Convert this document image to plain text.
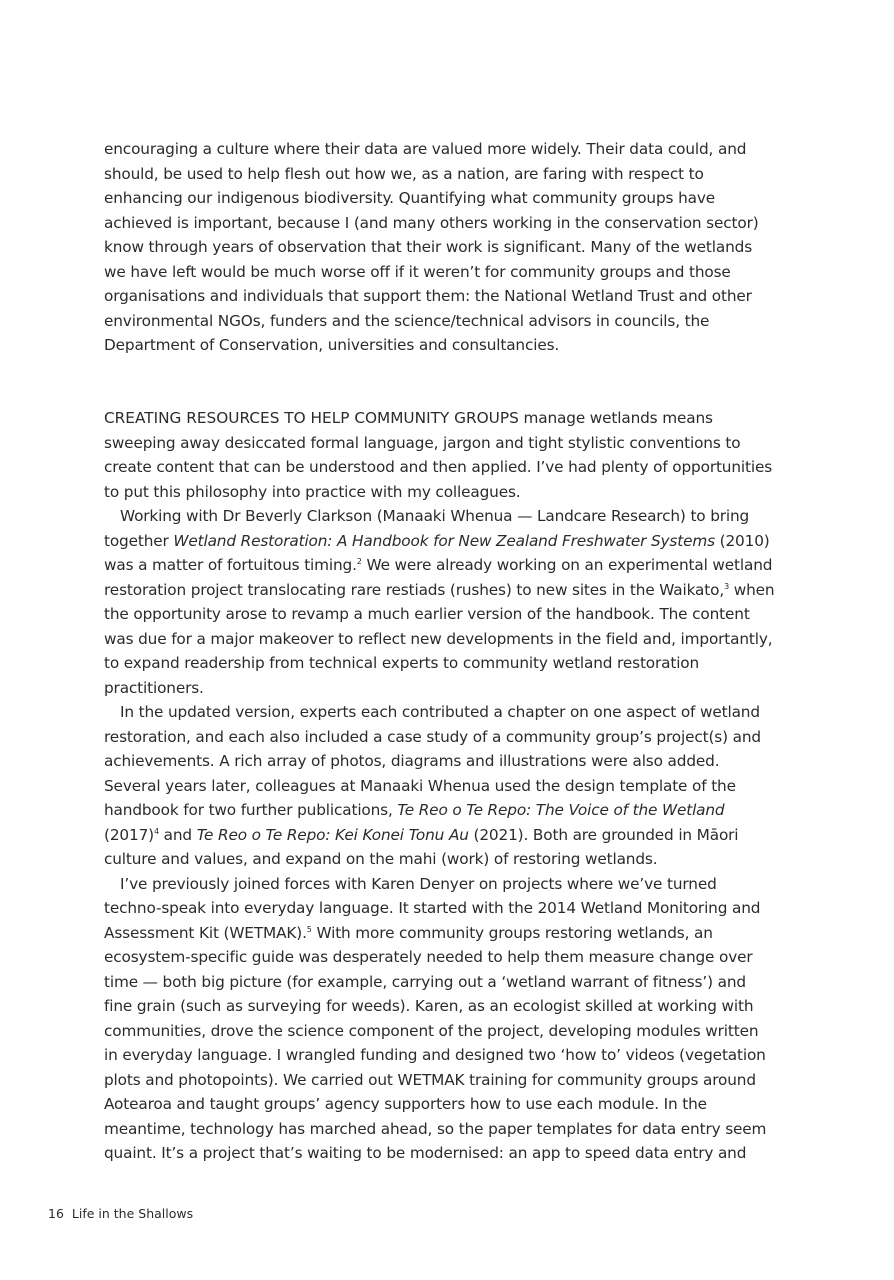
encouraging a culture where their data are valued more widely. Their data could, and should, be used to help flesh out how we, as a nation, are faring with respect to enhancing our indigenous biodiversity. Quantifying what community groups have achieved is important, because I (and many others working in the conservation sector) know through years of observation that their work is significant. Many of the wetlands we have left would be much worse off if it weren’t for community groups and those organisations and individuals that support them: the National Wetland Trust and other environmental NGOs, funders and the science/technical advisors in councils, the Department of Conservation, universities and consultancies.

CREATING RESOURCES TO HELP COMMUNITY GROUPS manage wetlands means sweeping away desiccated formal language, jargon and tight stylistic conventions to create content that can be understood and then applied. I’ve had plenty of opportunities to put this philosophy into practice with my colleagues.

Working with Dr Beverly Clarkson (Manaaki Whenua — Landcare Research) to bring together Wetland Restoration: A Handbook for New Zealand Freshwater Systems (2010) was a matter of fortuitous timing.$^2$ We were already working on an experimental wetland restoration project translocating rare restiads (rushes) to new sites in the Waikato,$^3$ when the opportunity arose to revamp a much earlier version of the handbook. The content was due for a major makeover to reflect new developments in the field and, importantly, to expand readership from technical experts to community wetland restoration practitioners.

In the updated version, experts each contributed a chapter on one aspect of wetland restoration, and each also included a case study of a community group’s project(s) and achievements. A rich array of photos, diagrams and illustrations were also added. Several years later, colleagues at Manaaki Whenua used the design template of the handbook for two further publications, Te Reo o Te Repo: The Voice of the Wetland $(2017)^4$ and Te Reo o Te Repo: Kei Konei Tonu Au (2021). Both are grounded in Māori culture and values, and expand on the mahi (work) of restoring wetlands.

I’ve previously joined forces with Karen Denyer on projects where we’ve turned techno-speak into everyday language. It started with the 2014 Wetland Monitoring and Assessment Kit (WETMAK).$^5$ With more community groups restoring wetlands, an ecosystem-specific guide was desperately needed to help them measure change over time — both big picture (for example, carrying out a ‘wetland warrant of fitness’) and fine grain (such as surveying for weeds). Karen, as an ecologist skilled at working with communities, drove the science component of the project, developing modules written in everyday language. I wrangled funding and designed two ‘how to’ videos (vegetation plots and photopoints). We carried out WETMAK training for community groups around Aotearoa and taught groups’ agency supporters how to use each module. In the meantime, technology has marched ahead, so the paper templates for data entry seem quaint. It’s a project that’s waiting to be modernised: an app to speed data entry and

16 Life in the Shallows
